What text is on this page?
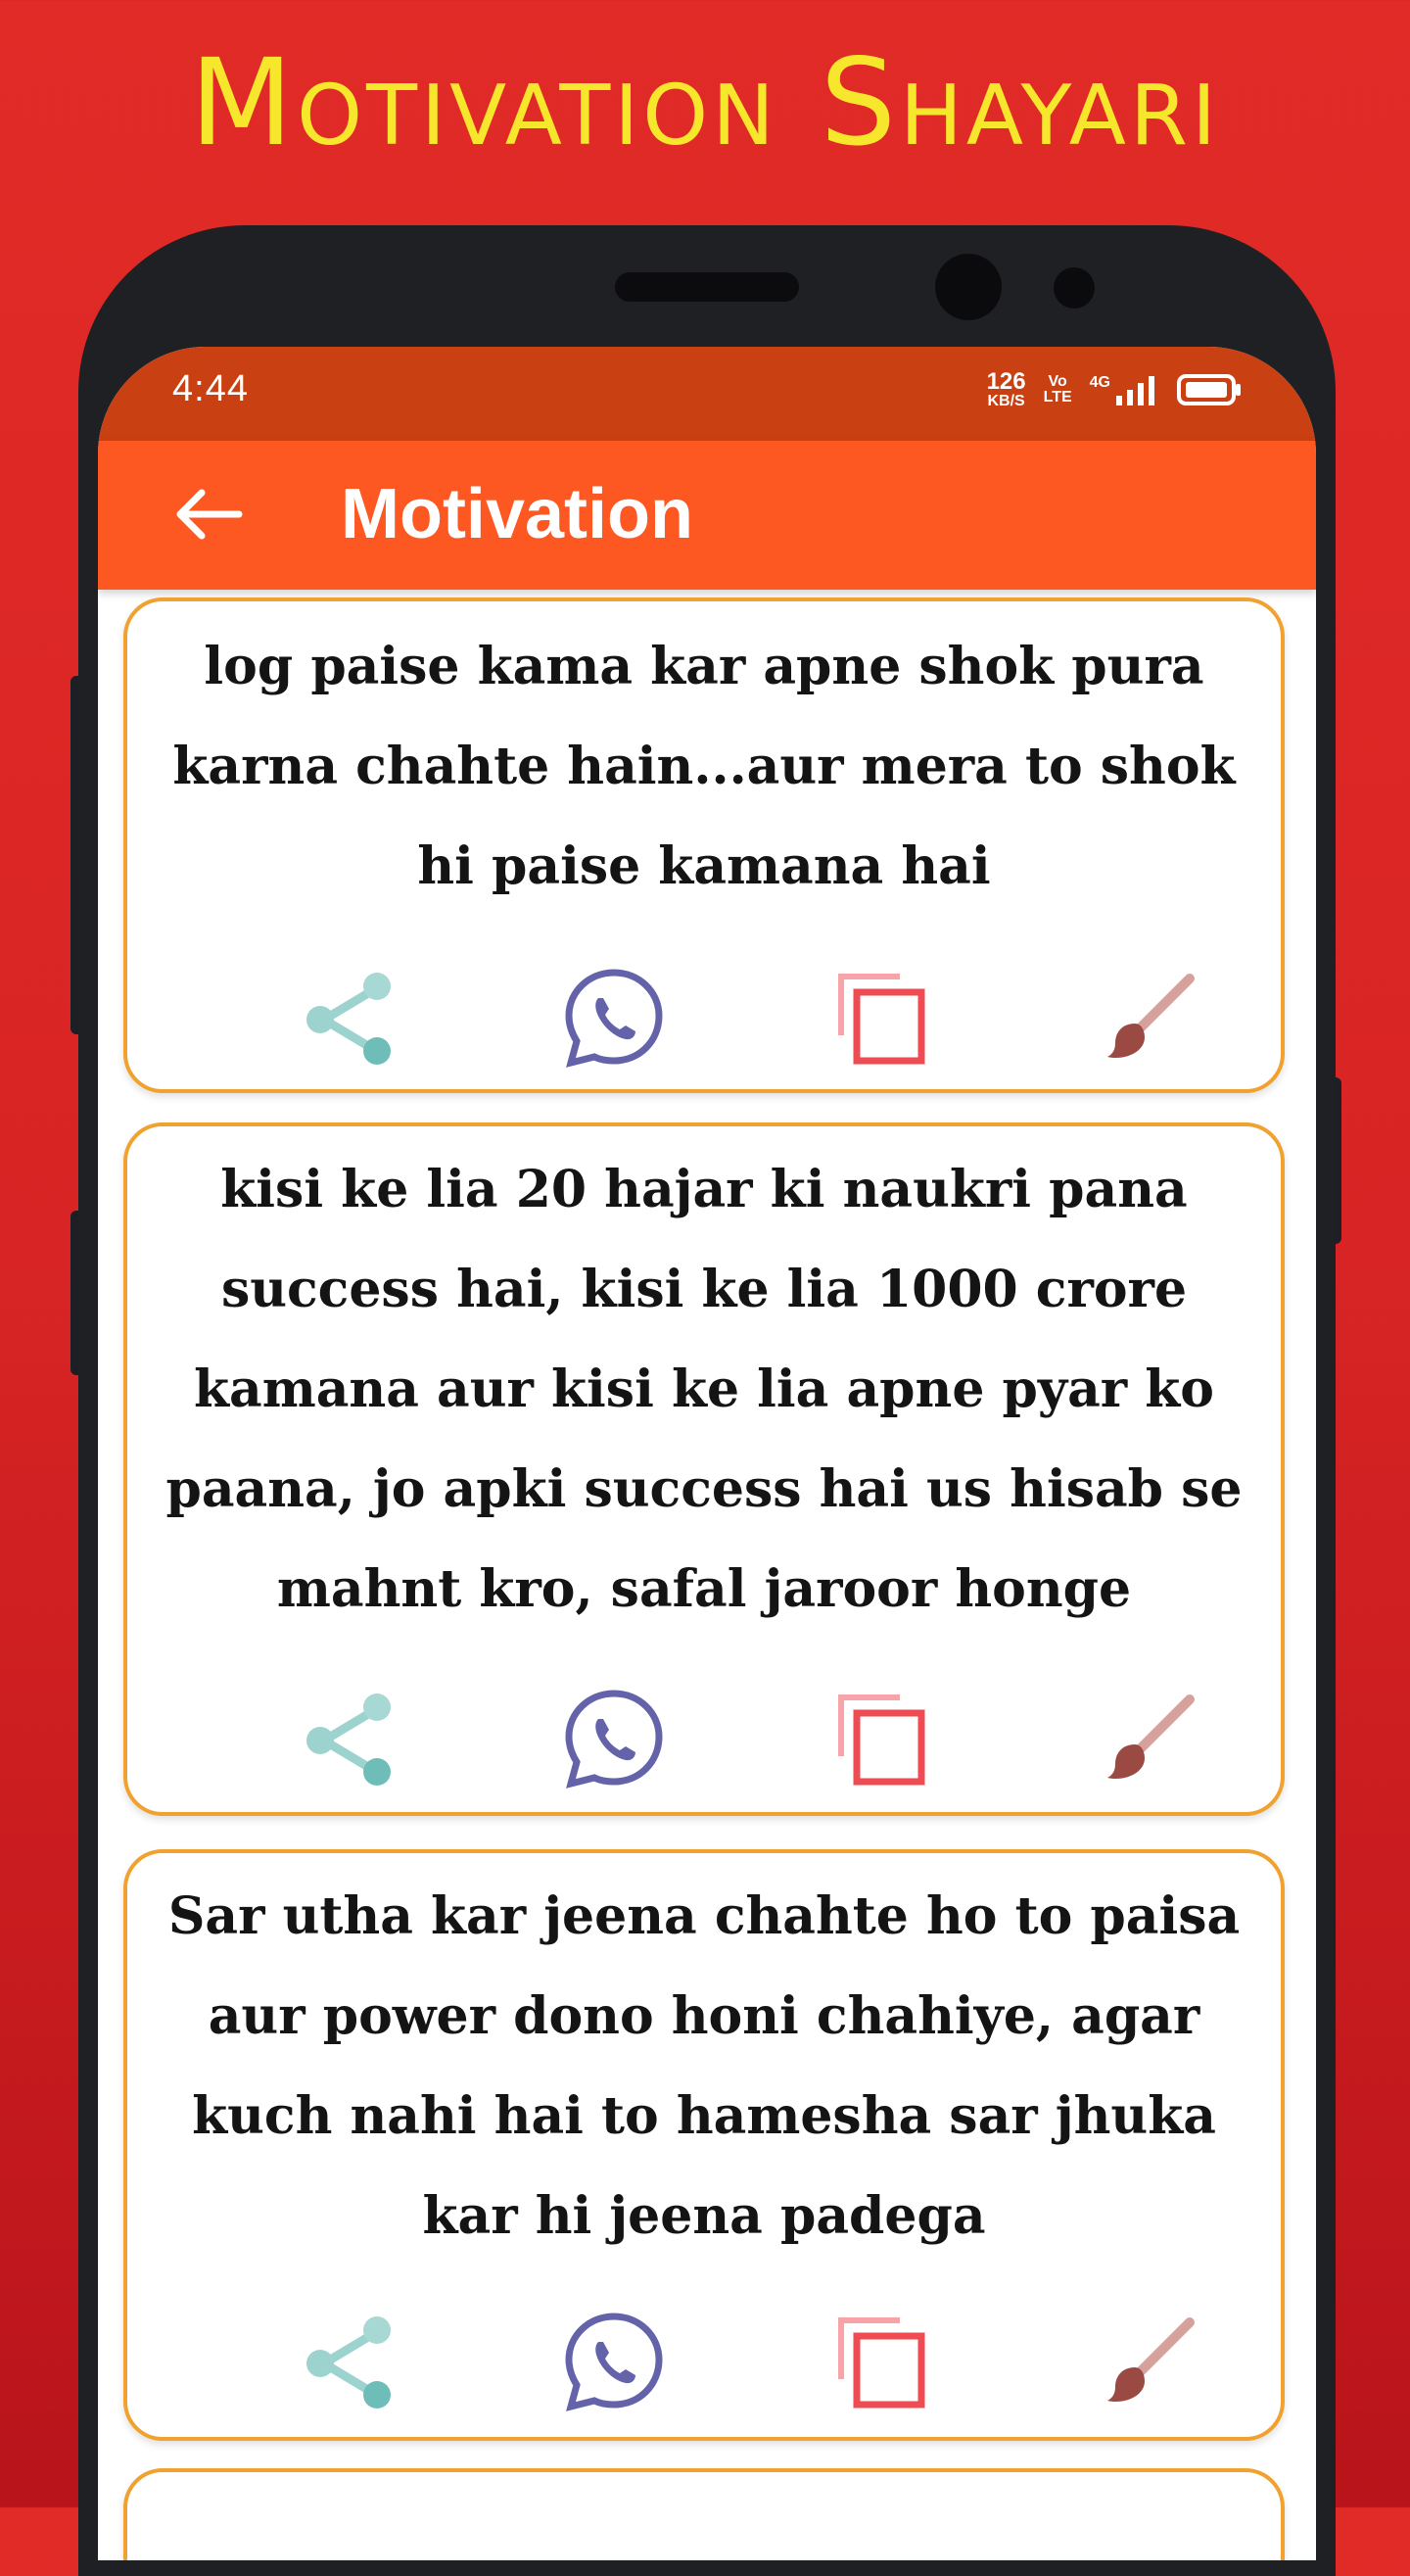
Motivation Shayari
4:44	126
KB/S
Vo
LTE
4G
Motivation
log paise kama kar apne shok pura karna chahte hain...aur mera to shok hi paise kamana hai
kisi ke lia 20 hajar ki naukri pana success hai, kisi ke lia 1000 crore kamana aur kisi ke lia apne pyar ko paana, jo apki success hai us hisab se mahnt kro, safal jaroor honge
Sar utha kar jeena chahte ho to paisa aur power dono honi chahiye, agar kuch nahi hai to hamesha sar jhuka kar hi jeena padega
